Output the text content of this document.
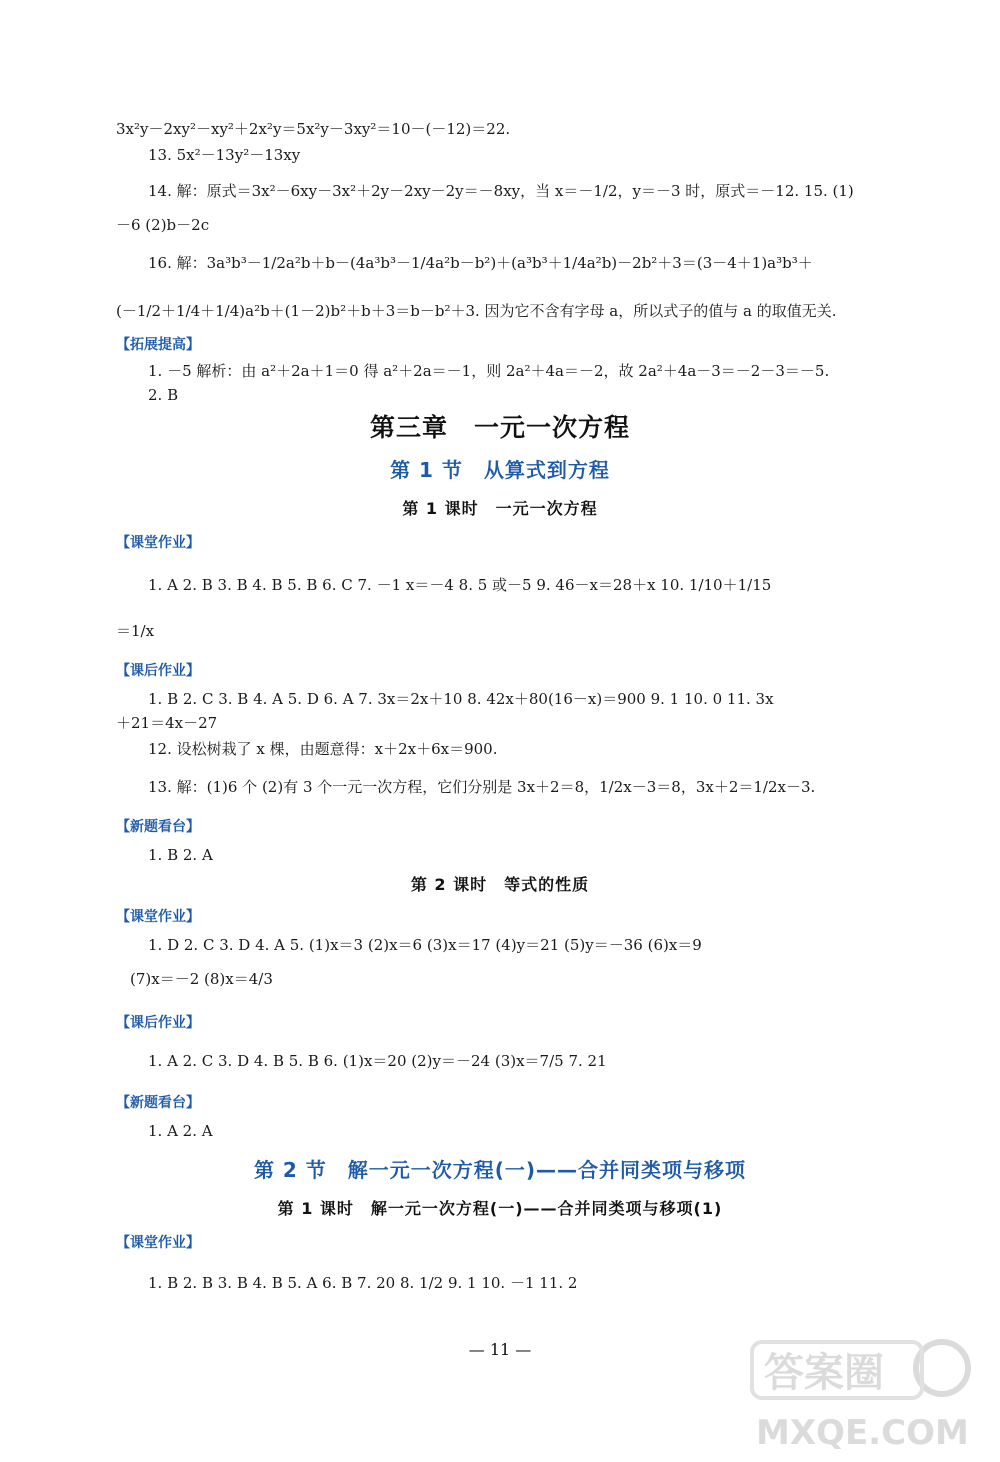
3x²y－2xy²－xy²＋2x²y＝5x²y－3xy²＝10－(－12)＝22.
13. 5x²－13y²－13xy
14. 解：原式＝3x²－6xy－3x²＋2y－2xy－2y＝－8xy，当 x＝－1/2，y＝－3 时，原式＝－12. 15. (1)
－6 (2)b－2c
16. 解：3a³b³－1/2a²b＋b－(4a³b³－1/4a²b－b²)＋(a³b³＋1/4a²b)－2b²＋3＝(3－4＋1)a³b³＋
(－1/2＋1/4＋1/4)a²b＋(1－2)b²＋b＋3＝b－b²＋3. 因为它不含有字母 a，所以式子的值与 a 的取值无关.
【拓展提高】
1. －5 解析：由 a²＋2a＋1＝0 得 a²＋2a＝－1，则 2a²＋4a＝－2，故 2a²＋4a－3＝－2－3＝－5.
2. B
第三章　一元一次方程
第 1 节　从算式到方程
第 1 课时　一元一次方程
【课堂作业】
1. A 2. B 3. B 4. B 5. B 6. C 7. －1 x＝－4 8. 5 或－5 9. 46－x＝28＋x 10. 1/10＋1/15
＝1/x
【课后作业】
1. B 2. C 3. B 4. A 5. D 6. A 7. 3x＝2x＋10 8. 42x＋80(16－x)＝900 9. 1 10. 0 11. 3x
＋21＝4x－27
12. 设松树栽了 x 棵，由题意得：x＋2x＋6x＝900.
13. 解：(1)6 个 (2)有 3 个一元一次方程，它们分别是 3x＋2＝8，1/2x－3＝8，3x＋2＝1/2x－3.
【新题看台】
1. B 2. A
第 2 课时　等式的性质
【课堂作业】
1. D 2. C 3. D 4. A 5. (1)x＝3 (2)x＝6 (3)x＝17 (4)y＝21 (5)y＝－36 (6)x＝9
(7)x＝－2 (8)x＝4/3
【课后作业】
1. A 2. C 3. D 4. B 5. B 6. (1)x＝20 (2)y＝－24 (3)x＝7/5 7. 21
【新题看台】
1. A 2. A
第 2 节　解一元一次方程(一)——合并同类项与移项
第 1 课时　解一元一次方程(一)——合并同类项与移项(1)
【课堂作业】
1. B 2. B 3. B 4. B 5. A 6. B 7. 20 8. 1/2 9. 1 10. －1 11. 2
— 11 —
答案圈
MXQE.COM
